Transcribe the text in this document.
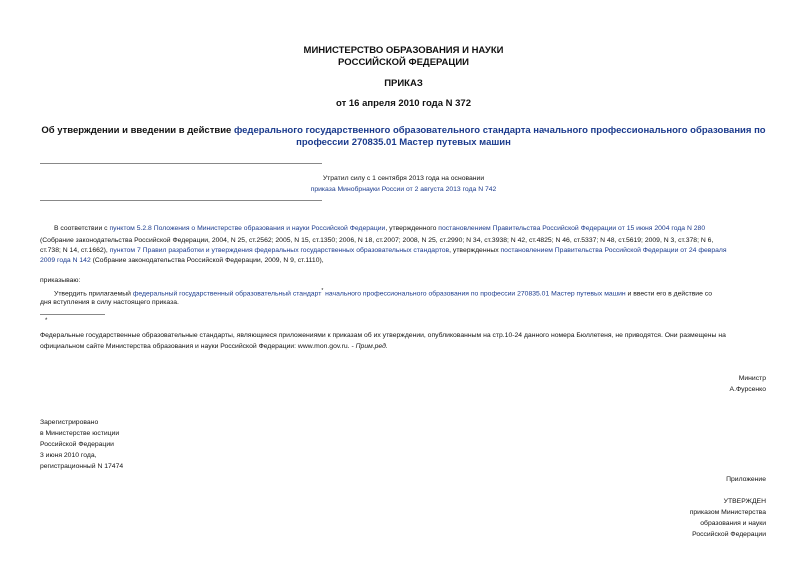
МИНИСТЕРСТВО ОБРАЗОВАНИЯ И НАУКИ
РОССИЙСКОЙ ФЕДЕРАЦИИ
ПРИКАЗ
от 16 апреля 2010 года N 372
Об утверждении и введении в действие федерального государственного образовательного стандарта начального профессионального образования по
профессии 270835.01 Мастер путевых машин
Утратил силу с 1 сентября 2013 года на основании
приказа Минобрнауки России от 2 августа 2013 года N 742
В соответствии с пунктом 5.2.8 Положения о Министерстве образования и науки Российской Федерации, утвержденного постановлением Правительства Российской Федерации от 15 июня 2004 года N 280
(Собрание законодательства Российской Федерации, 2004, N 25, ст.2562; 2005, N 15, ст.1350; 2006, N 18, ст.2007; 2008, N 25, ст.2990; N 34, ст.3938; N 42, ст.4825; N 46, ст.5337; N 48, ст.5619; 2009, N 3, ст.378; N 6,
ст.738; N 14, ст.1662), пунктом 7 Правил разработки и утверждения федеральных государственных образовательных стандартов, утвержденных постановлением Правительства Российской Федерации от 24 февраля
2009 года N 142 (Собрание законодательства Российской Федерации, 2009, N 9, ст.1110),
приказываю:
Утвердить прилагаемый федеральный государственный образовательный стандарт* начального профессионального образования по профессии 270835.01 Мастер путевых машин и ввести его в действие со
дня вступления в силу настоящего приказа.
*
Федеральные государственные образовательные стандарты, являющиеся приложениями к приказам об их утверждении, опубликованным на стр.10-24 данного номера Бюллетеня, не приводятся. Они размещены на
официальном сайте Министерства образования и науки Российской Федерации: www.mon.gov.ru. - Прим.ред.
Министр
А.Фурсенко
Зарегистрировано
в Министерстве юстиции
Российской Федерации
3 июня 2010 года,
регистрационный N 17474
Приложение
УТВЕРЖДЕН
приказом Министерства
образования и науки
Российской Федерации
